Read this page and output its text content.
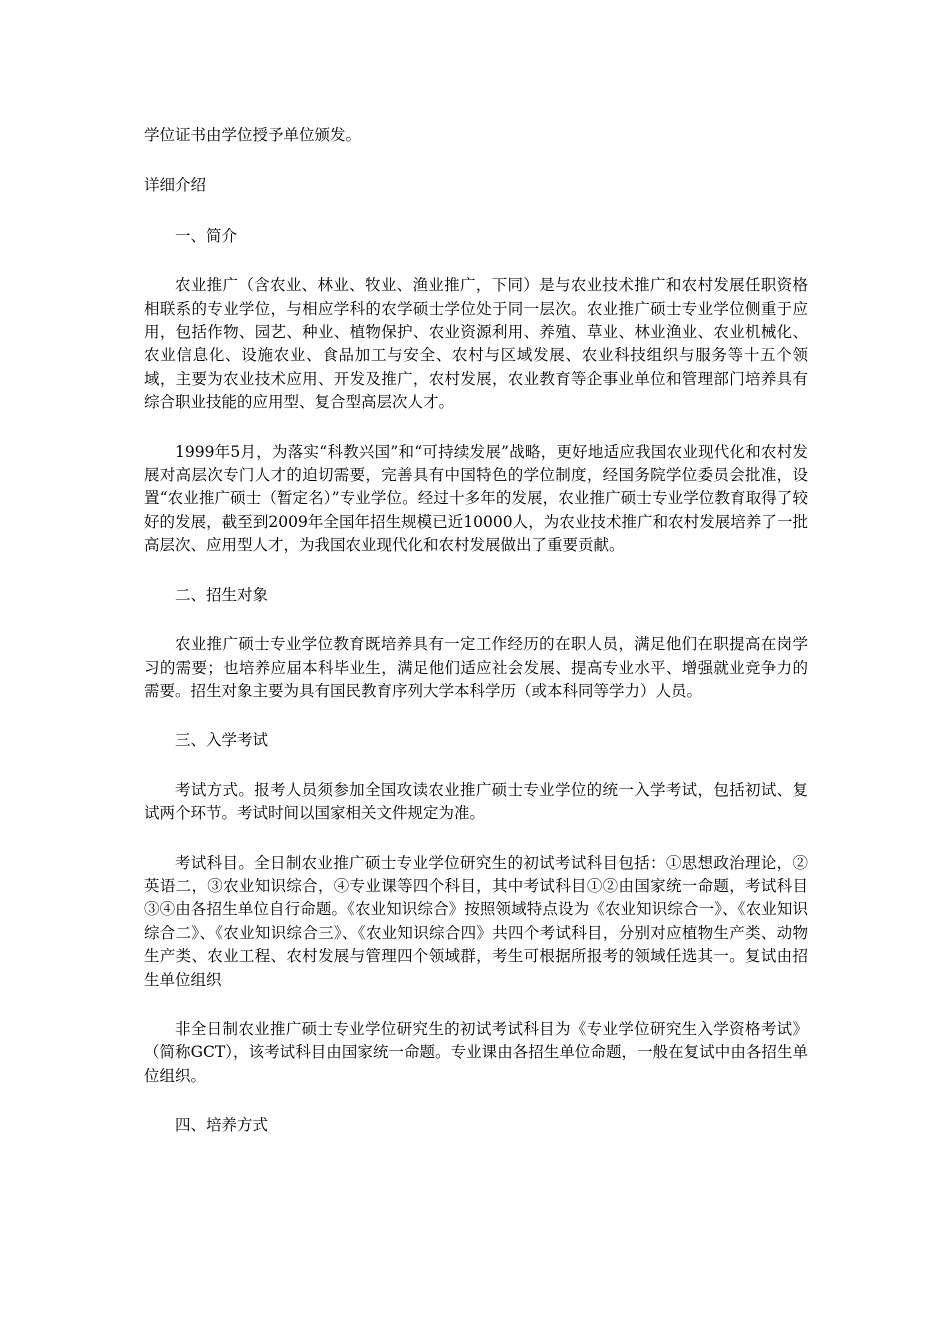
学位证书由学位授予单位颁发。

详细介绍

一、简介

农业推广（含农业、林业、牧业、渔业推广，下同）是与农业技术推广和农村发展任职资格相联系的专业学位，与相应学科的农学硕士学位处于同一层次。农业推广硕士专业学位侧重于应用，包括作物、园艺、种业、植物保护、农业资源利用、养殖、草业、林业渔业、农业机械化、农业信息化、设施农业、食品加工与安全、农村与区域发展、农业科技组织与服务等十五个领域，主要为农业技术应用、开发及推广，农村发展，农业教育等企事业单位和管理部门培养具有综合职业技能的应用型、复合型高层次人才。

1999年5月，为落实“科教兴国”和“可持续发展”战略，更好地适应我国农业现代化和农村发展对高层次专门人才的迫切需要，完善具有中国特色的学位制度，经国务院学位委员会批准，设置“农业推广硕士（暂定名）”专业学位。经过十多年的发展，农业推广硕士专业学位教育取得了较好的发展，截至到2009年全国年招生规模已近10000人，为农业技术推广和农村发展培养了一批高层次、应用型人才，为我国农业现代化和农村发展做出了重要贡献。

二、招生对象

农业推广硕士专业学位教育既培养具有一定工作经历的在职人员，满足他们在职提高在岗学习的需要；也培养应届本科毕业生，满足他们适应社会发展、提高专业水平、增强就业竞争力的需要。招生对象主要为具有国民教育序列大学本科学历（或本科同等学力）人员。

三、入学考试

考试方式。报考人员须参加全国攻读农业推广硕士专业学位的统一入学考试，包括初试、复试两个环节。考试时间以国家相关文件规定为准。

考试科目。全日制农业推广硕士专业学位研究生的初试考试科目包括：①思想政治理论，②英语二，③农业知识综合，④专业课等四个科目，其中考试科目①②由国家统一命题，考试科目③④由各招生单位自行命题。《农业知识综合》按照领域特点设为《农业知识综合一》、《农业知识综合二》、《农业知识综合三》、《农业知识综合四》共四个考试科目，分别对应植物生产类、动物生产类、农业工程、农村发展与管理四个领域群，考生可根据所报考的领域任选其一。复试由招生单位组织

非全日制农业推广硕士专业学位研究生的初试考试科目为《专业学位研究生入学资格考试》（简称GCT），该考试科目由国家统一命题。专业课由各招生单位命题，一般在复试中由各招生单位组织。

四、培养方式
